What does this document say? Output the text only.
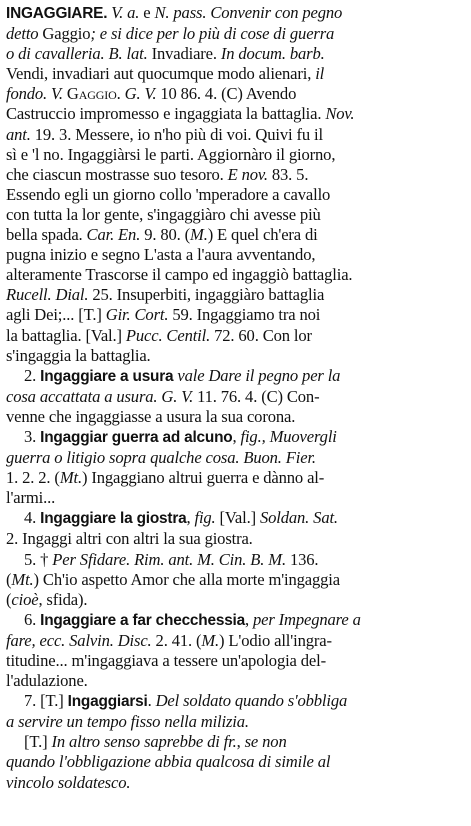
INGAGGIARE. V. a. e N. pass. Convenir con pegno
detto Gaggio; e si dice per lo più di cose di guerra
o di cavalleria. B. lat. Invadiare. In docum. barb.
Vendi, invadiari aut quocumque modo alienari, il
fondo. V. Gaggio. G. V. 10 86. 4. (C) Avendo
Castruccio impromesso e ingaggiata la battaglia. Nov.
ant. 19. 3. Messere, io n'ho più di voi. Quivi fu il
sì e 'l no. Ingaggiàrsi le parti. Aggiornàro il giorno,
che ciascun mostrasse suo tesoro. E nov. 83. 5.
Essendo egli un giorno collo 'mperadore a cavallo
con tutta la lor gente, s'ingaggiàro chi avesse più
bella spada. Car. En. 9. 80. (M.) E quel ch'era di
pugna inizio e segno L'asta a l'aura avventando,
alteramente Trascorse il campo ed ingaggiò battaglia.
Rucell. Dial. 25. Insuperbiti, ingaggiàro battaglia
agli Dei;... [T.] Gir. Cort. 59. Ingaggiamo tra noi
la battaglia. [Val.] Pucc. Centil. 72. 60. Con lor
s'ingaggia la battaglia.
2. Ingaggiare a usura vale Dare il pegno per la
cosa accattata a usura. G. V. 11. 76. 4. (C) Con-
venne che ingaggiasse a usura la sua corona.
3. Ingaggiar guerra ad alcuno, fig., Muovergli
guerra o litigio sopra qualche cosa. Buon. Fier.
1. 2. 2. (Mt.) Ingaggiano altrui guerra e dànno al-
l'armi...
4. Ingaggiare la giostra, fig. [Val.] Soldan. Sat.
2. Ingaggi altri con altri la sua giostra.
5. † Per Sfidare. Rim. ant. M. Cin. B. M. 136.
(Mt.) Ch'io aspetto Amor che alla morte m'ingaggia
(cioè, sfida).
6. Ingaggiare a far checchessia, per Impegnare a
fare, ecc. Salvin. Disc. 2. 41. (M.) L'odio all'ingra-
titudine... m'ingaggiava a tessere un'apologia del-
l'adulazione.
7. [T.] Ingaggiarsi. Del soldato quando s'obbliga
a servire un tempo fisso nella milizia.
[T.] In altro senso saprebbe di fr., se non
quando l'obbligazione abbia qualcosa di simile al
vincolo soldatesco.
